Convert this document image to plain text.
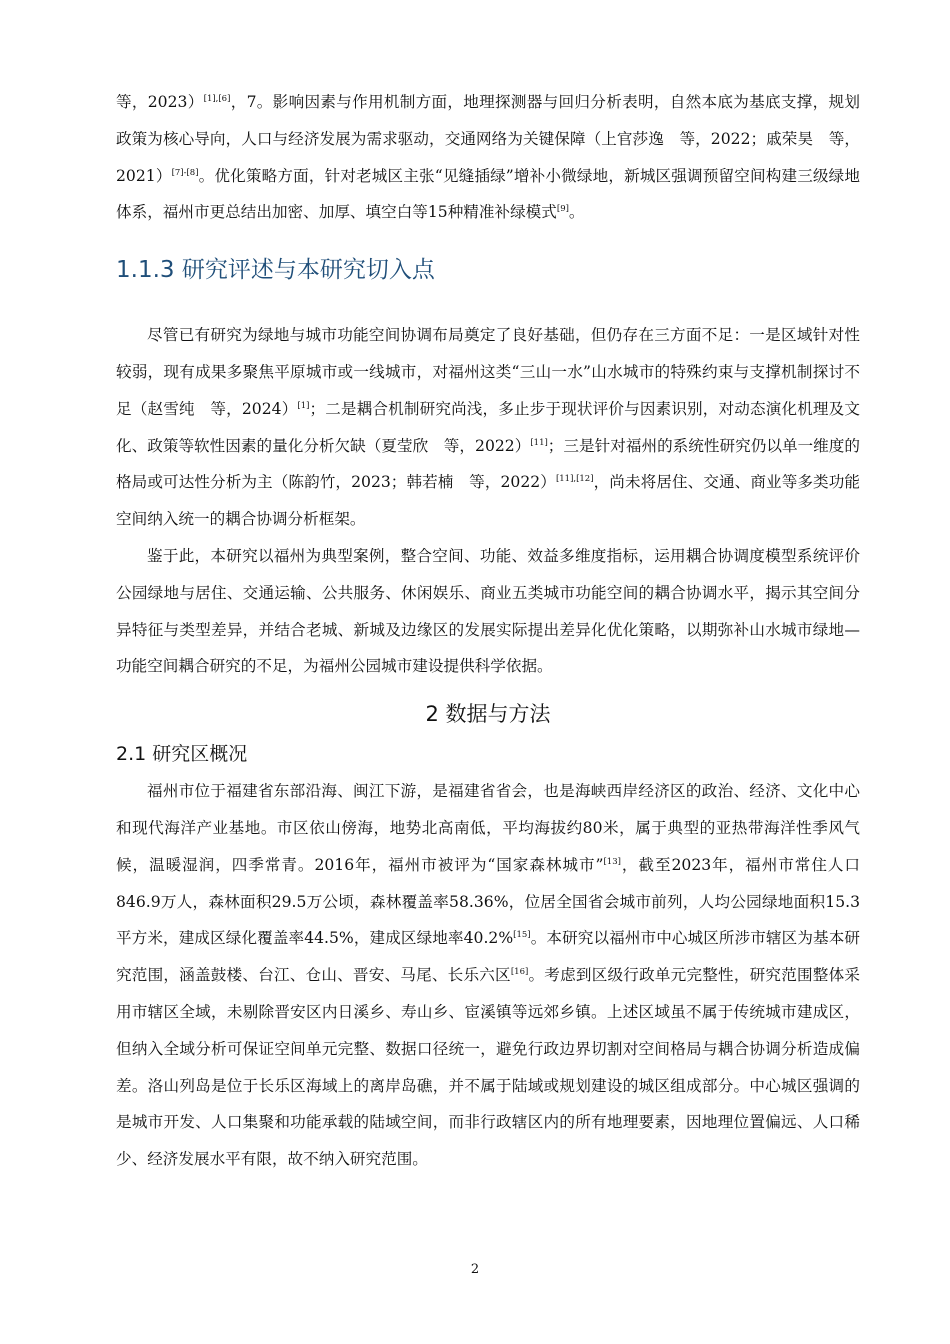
等，2023）[1],[6]，7。影响因素与作用机制方面，地理探测器与回归分析表明，自然本底为基底支撑，规划政策为核心导向，人口与经济发展为需求驱动，交通网络为关键保障（上官莎逸　等，2022；戚荣昊　等，2021）[7]-[8]。优化策略方面，针对老城区主张“见缝插绿”增补小微绿地，新城区强调预留空间构建三级绿地体系，福州市更总结出加密、加厚、填空白等15种精准补绿模式[9]。

1.1.3 研究评述与本研究切入点

尽管已有研究为绿地与城市功能空间协调布局奠定了良好基础，但仍存在三方面不足：一是区域针对性较弱，现有成果多聚焦平原城市或一线城市，对福州这类“三山一水”山水城市的特殊约束与支撑机制探讨不足（赵雪纯　等，2024）[1]；二是耦合机制研究尚浅，多止步于现状评价与因素识别，对动态演化机理及文化、政策等软性因素的量化分析欠缺（夏莹欣　等，2022）[11]；三是针对福州的系统性研究仍以单一维度的格局或可达性分析为主（陈韵竹，2023；韩若楠　等，2022）[11],[12]，尚未将居住、交通、商业等多类功能空间纳入统一的耦合协调分析框架。

鉴于此，本研究以福州为典型案例，整合空间、功能、效益多维度指标，运用耦合协调度模型系统评价公园绿地与居住、交通运输、公共服务、休闲娱乐、商业五类城市功能空间的耦合协调水平，揭示其空间分异特征与类型差异，并结合老城、新城及边缘区的发展实际提出差异化优化策略，以期弥补山水城市绿地—功能空间耦合研究的不足，为福州公园城市建设提供科学依据。

2 数据与方法
2.1 研究区概况

福州市位于福建省东部沿海、闽江下游，是福建省省会，也是海峡西岸经济区的政治、经济、文化中心和现代海洋产业基地。市区依山傍海，地势北高南低，平均海拔约80米，属于典型的亚热带海洋性季风气候，温暖湿润，四季常青。2016年，福州市被评为“国家森林城市”[13]，截至2023年，福州市常住人口846.9万人，森林面积29.5万公顷，森林覆盖率58.36%，位居全国省会城市前列，人均公园绿地面积15.3平方米，建成区绿化覆盖率44.5%，建成区绿地率40.2%[15]。本研究以福州市中心城区所涉市辖区为基本研究范围，涵盖鼓楼、台江、仓山、晋安、马尾、长乐六区[16]。考虑到区级行政单元完整性，研究范围整体采用市辖区全域，未剔除晋安区内日溪乡、寿山乡、宦溪镇等远郊乡镇。上述区域虽不属于传统城市建成区，但纳入全域分析可保证空间单元完整、数据口径统一，避免行政边界切割对空间格局与耦合协调分析造成偏差。洛山列岛是位于长乐区海域上的离岸岛礁，并不属于陆域或规划建设的城区组成部分。中心城区强调的是城市开发、人口集聚和功能承载的陆域空间，而非行政辖区内的所有地理要素，因地理位置偏远、人口稀少、经济发展水平有限，故不纳入研究范围。

2
